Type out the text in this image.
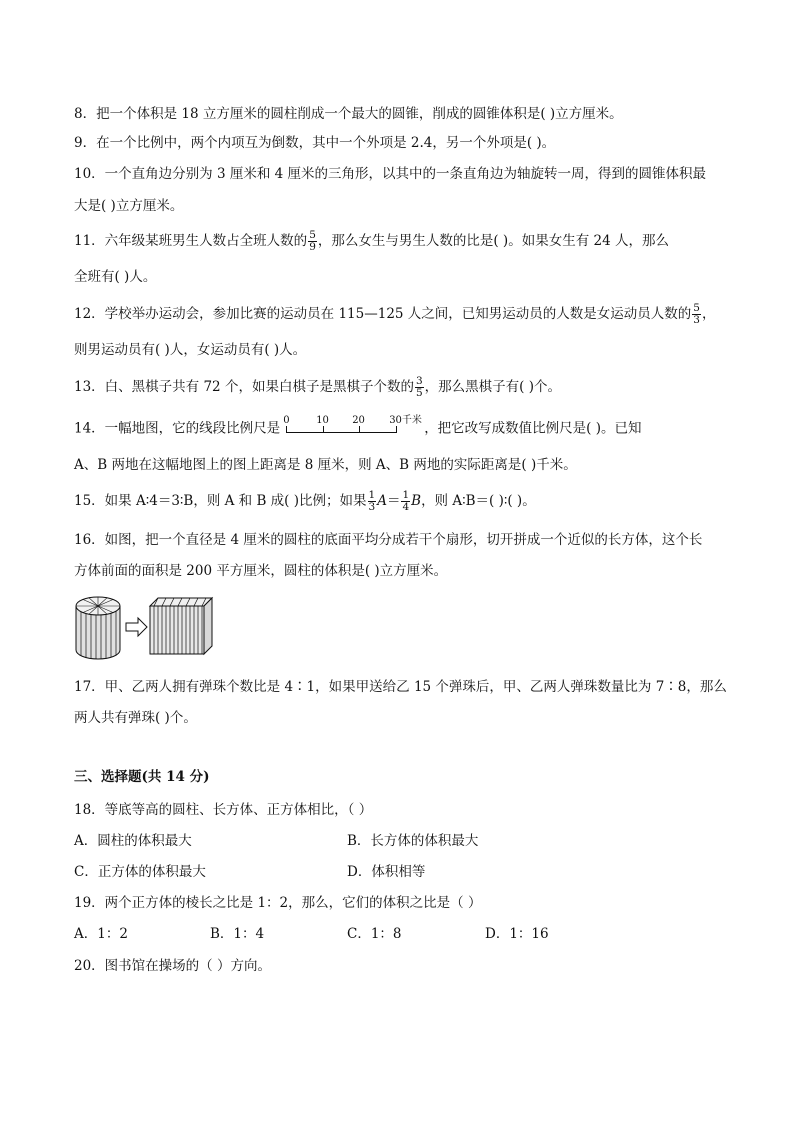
8．把一个体积是 18 立方厘米的圆柱削成一个最大的圆锥，削成的圆锥体积是( )立方厘米。
9．在一个比例中，两个内项互为倒数，其中一个外项是 2.4，另一个外项是( )。
10．一个直角边分别为 3 厘米和 4 厘米的三角形，以其中的一条直角边为轴旋转一周，得到的圆锥体积最
大是( )立方厘米。
11．六年级某班男生人数占全班人数的 $\frac{5}{9}$ ，那么女生与男生人数的比是( )。如果女生有 24 人，那么
全班有( )人。
12．学校举办运动会，参加比赛的运动员在 115—125 人之间，已知男运动员的人数是女运动员人数的 $\frac{5}{3}$ ，
则男运动员有( )人，女运动员有( )人。
13．白、黑棋子共有 72 个，如果白棋子是黑棋子个数的 $\frac{3}{5}$ ，那么黑棋子有( )个。
14．一幅地图，它的线段比例尺是 0	10 20 30千米 ，把它改写成数值比例尺是( )。已知
A、B 两地在这幅地图上的图上距离是 8 厘米，则 A、B 两地的实际距离是( )千米。
15．如果 A∶4＝3∶B，则 A 和 B 成( )比例；如果 $\frac{1}{3} A= \frac{1}{4}$ B，则 A∶B＝( )∶( )。
16．如图，把一个直径是 4 厘米的圆柱的底面平均分成若干个扇形，切开拼成一个近似的长方体，这个长
方体前面的面积是 200 平方厘米，圆柱的体积是( )立方厘米。
17．甲、乙两人拥有弹珠个数比是 4∶1，如果甲送给乙 15 个弹珠后，甲、乙两人弹珠数量比为 7∶8，那么
两人共有弹珠( )个。
三、选择题(共 14 分)
18．等底等高的圆柱、长方体、正方体相比，（ ）
A．圆柱的体积最大	B．长方体的体积最大
C．正方体的体积最大	D．体积相等
19．两个正方体的棱长之比是 1：2，那么，它们的体积之比是（ ）
A．1：2	B．1：4	C．1：8	D．1：16
20．图书馆在操场的（ ）方向。
